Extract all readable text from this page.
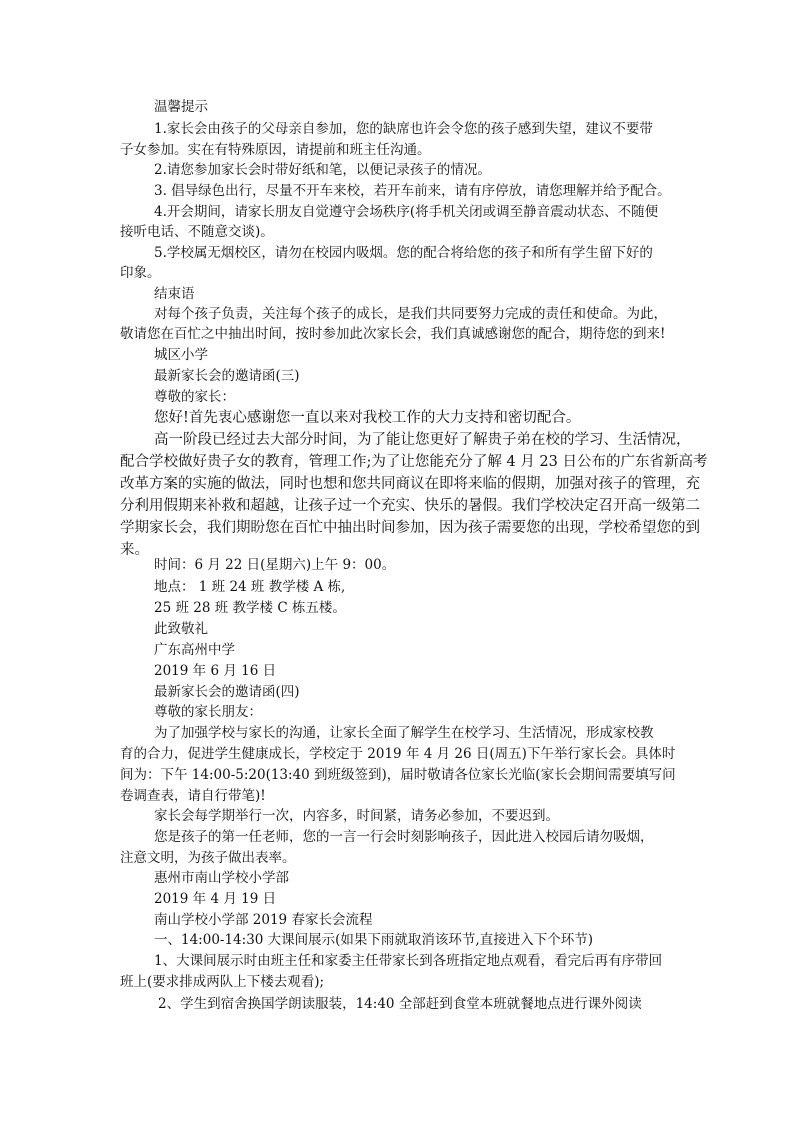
温馨提示
1.家长会由孩子的父母亲自参加，您的缺席也许会令您的孩子感到失望，建议不要带
子女参加。实在有特殊原因，请提前和班主任沟通。
2.请您参加家长会时带好纸和笔，以便记录孩子的情况。
3. 倡导绿色出行，尽量不开车来校，若开车前来，请有序停放，请您理解并给予配合。
4.开会期间，请家长朋友自觉遵守会场秩序(将手机关闭或调至静音震动状态、不随便
接听电话、不随意交谈)。
5.学校属无烟校区，请勿在校园内吸烟。您的配合将给您的孩子和所有学生留下好的
印象。
结束语
对每个孩子负责，关注每个孩子的成长，是我们共同要努力完成的责任和使命。为此，
敬请您在百忙之中抽出时间，按时参加此次家长会，我们真诚感谢您的配合，期待您的到来!
城区小学
最新家长会的邀请函(三)
尊敬的家长：
您好!首先衷心感谢您一直以来对我校工作的大力支持和密切配合。
高一阶段已经过去大部分时间，为了能让您更好了解贵子弟在校的学习、生活情况，
配合学校做好贵子女的教育，管理工作;为了让您能充分了解 4 月 23 日公布的广东省新高考
改革方案的实施的做法，同时也想和您共同商议在即将来临的假期，加强对孩子的管理，充
分利用假期来补救和超越，让孩子过一个充实、快乐的暑假。我们学校决定召开高一级第二
学期家长会，我们期盼您在百忙中抽出时间参加，因为孩子需要您的出现，学校希望您的到
来。
时间：6 月 22 日(星期六)上午 9：00。
地点： 1 班 24 班 教学楼 A 栋,
25 班 28 班 教学楼 C 栋五楼。
此致敬礼
广东高州中学
2019 年 6 月 16 日
最新家长会的邀请函(四)
尊敬的家长朋友：
为了加强学校与家长的沟通，让家长全面了解学生在校学习、生活情况，形成家校教
育的合力，促进学生健康成长，学校定于 2019 年 4 月 26 日(周五)下午举行家长会。具体时
间为：下午 14:00-5:20(13:40 到班级签到)，届时敬请各位家长光临(家长会期间需要填写问
卷调查表，请自行带笔)!
家长会每学期举行一次，内容多，时间紧，请务必参加，不要迟到。
您是孩子的第一任老师，您的一言一行会时刻影响孩子，因此进入校园后请勿吸烟，
注意文明，为孩子做出表率。
惠州市南山学校小学部
2019 年 4 月 19 日
南山学校小学部 2019 春家长会流程
一、14:00-14:30 大课间展示(如果下雨就取消该环节,直接进入下个环节)
1、大课间展示时由班主任和家委主任带家长到各班指定地点观看，看完后再有序带回
班上(要求排成两队上下楼去观看);
2、学生到宿舍换国学朗读服装，14:40 全部赶到食堂本班就餐地点进行课外阅读
